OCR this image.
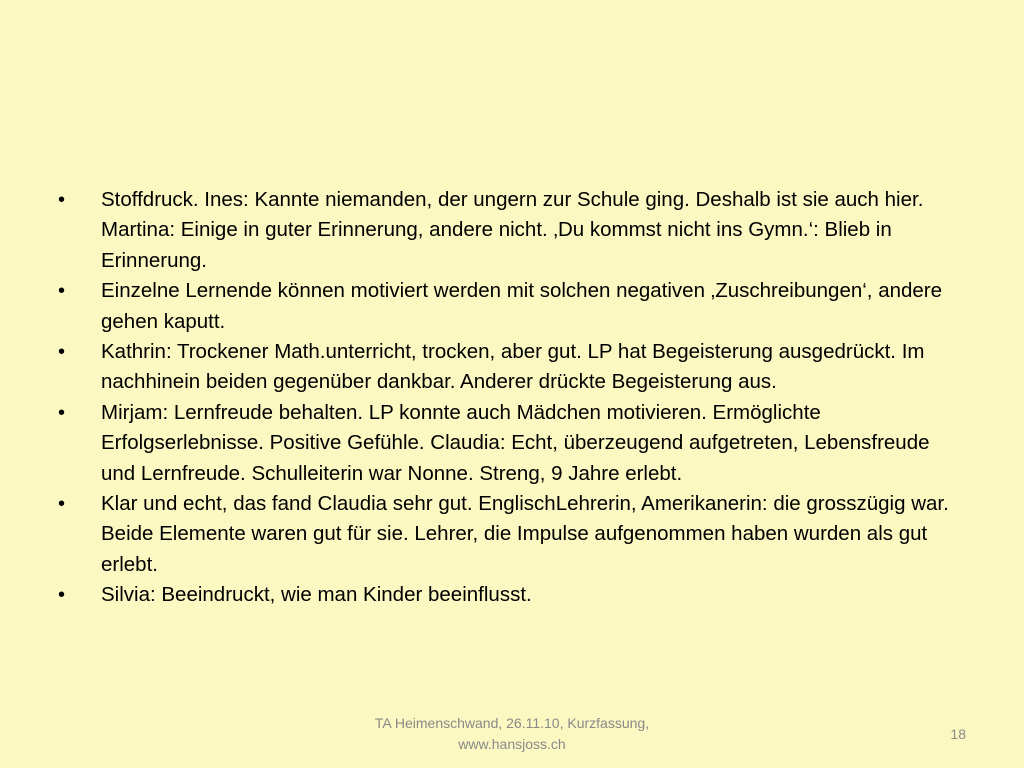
•	Stoffdruck. Ines: Kannte niemanden, der ungern zur Schule ging. Deshalb ist sie auch hier. Martina: Einige in guter Erinnerung, andere nicht. ‚Du kommst nicht ins Gymn.‘: Blieb in Erinnerung.
•	Einzelne Lernende können motiviert werden mit solchen negativen ‚Zuschreibungen‘, andere gehen kaputt.
•	Kathrin: Trockener Math.unterricht, trocken, aber gut. LP hat Begeisterung ausgedrückt. Im nachhinein beiden gegenüber dankbar. Anderer drückte Begeisterung aus.
•	Mirjam: Lernfreude behalten. LP konnte auch Mädchen motivieren. Ermöglichte Erfolgserlebnisse. Positive Gefühle. Claudia: Echt, überzeugend aufgetreten, Lebensfreude und Lernfreude. Schulleiterin war Nonne. Streng, 9 Jahre erlebt.
•	Klar und echt, das fand Claudia sehr gut. EnglischLehrerin, Amerikanerin: die grosszügig war. Beide Elemente waren gut für sie. Lehrer, die Impulse aufgenommen haben wurden als gut erlebt.
•	Silvia: Beeindruckt, wie man Kinder beeinflusst.
TA Heimenschwand, 26.11.10, Kurzfassung,
www.hansjoss.ch
18
